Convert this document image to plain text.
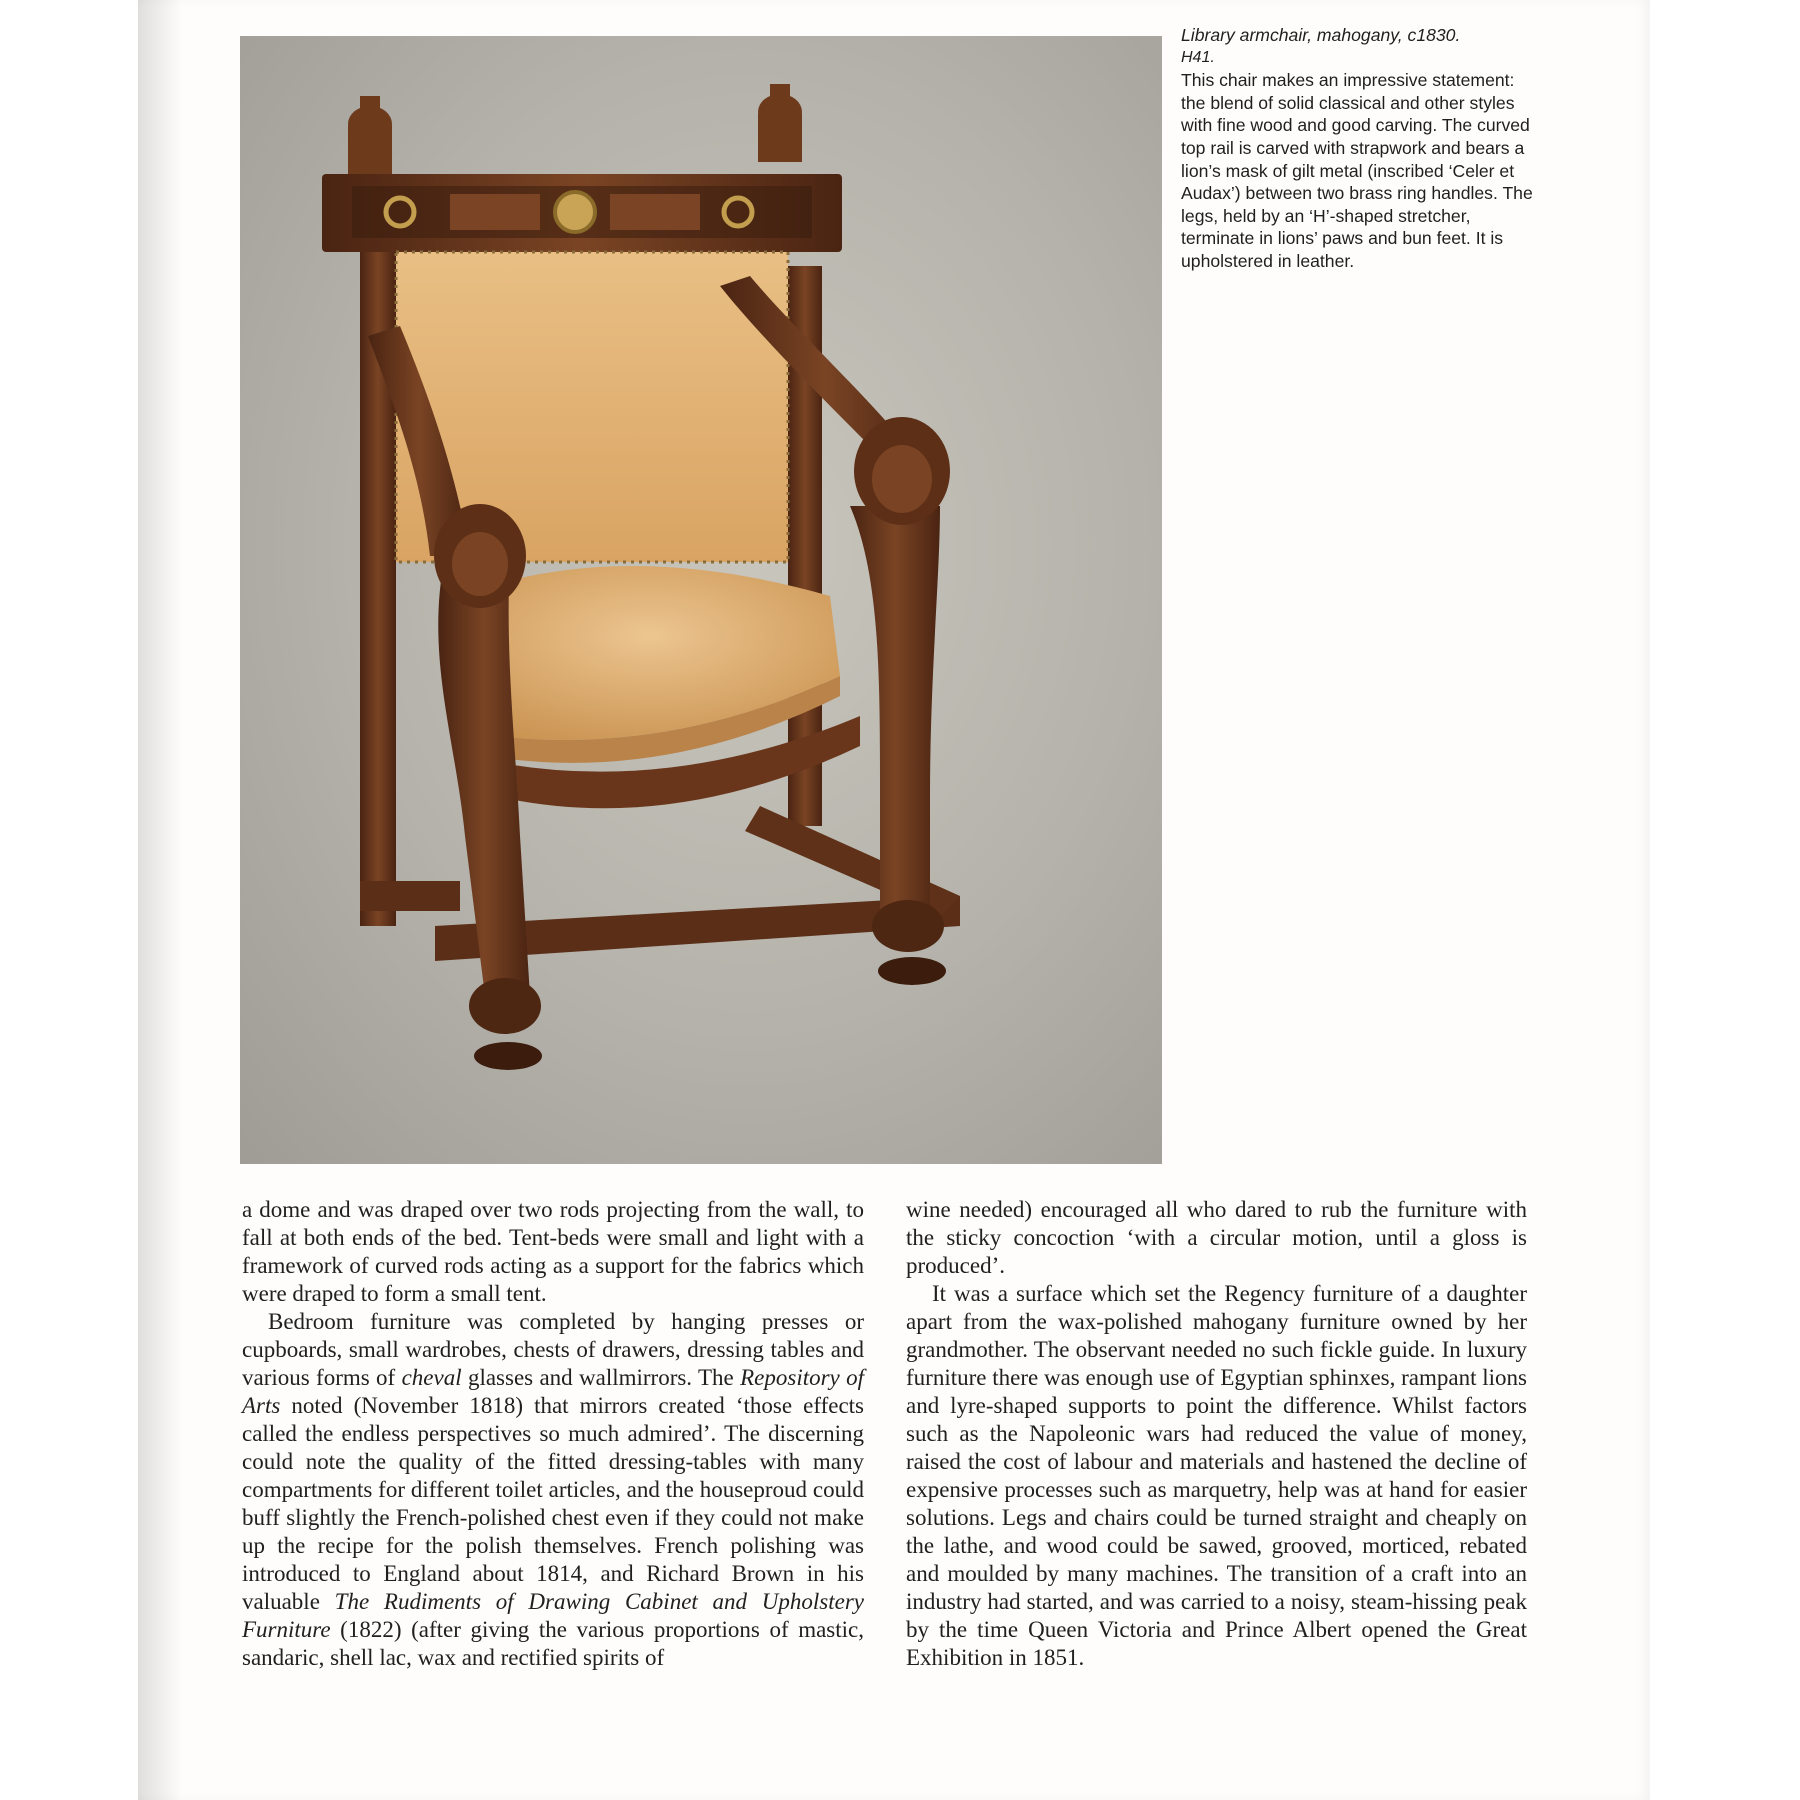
Library armchair, mahogany, c1830.
H41.
This chair makes an impressive statement: the blend of solid classical and other styles with fine wood and good carving. The curved top rail is carved with strapwork and bears a lion’s mask of gilt metal (inscribed ‘Celer et Audax’) between two brass ring handles. The legs, held by an ‘H’-shaped stretcher, terminate in lions’ paws and bun feet. It is upholstered in leather.

a dome and was draped over two rods projecting from the wall, to fall at both ends of the bed. Tent-beds were small and light with a framework of curved rods acting as a support for the fabrics which were draped to form a small tent.

Bedroom furniture was completed by hanging presses or cupboards, small wardrobes, chests of drawers, dressing tables and various forms of cheval glasses and wallmirrors. The Repository of Arts noted (November 1818) that mirrors created ‘those effects called the endless perspectives so much admired’. The discerning could note the quality of the fitted dressing-tables with many compartments for different toilet articles, and the houseproud could buff slightly the French-polished chest even if they could not make up the recipe for the polish themselves. French polishing was introduced to England about 1814, and Richard Brown in his valuable The Rudiments of Drawing Cabinet and Upholstery Furniture (1822) (after giving the various proportions of mastic, sandaric, shell lac, wax and rectified spirits of

wine needed) encouraged all who dared to rub the furniture with the sticky concoction ‘with a circular motion, until a gloss is produced’.

It was a surface which set the Regency furniture of a daughter apart from the wax-polished mahogany furniture owned by her grandmother. The observant needed no such fickle guide. In luxury furniture there was enough use of Egyptian sphinxes, rampant lions and lyre-shaped supports to point the difference. Whilst factors such as the Napoleonic wars had reduced the value of money, raised the cost of labour and materials and hastened the decline of expensive processes such as marquetry, help was at hand for easier solutions. Legs and chairs could be turned straight and cheaply on the lathe, and wood could be sawed, grooved, morticed, rebated and moulded by many machines. The transition of a craft into an industry had started, and was carried to a noisy, steam-hissing peak by the time Queen Victoria and Prince Albert opened the Great Exhibition in 1851.
